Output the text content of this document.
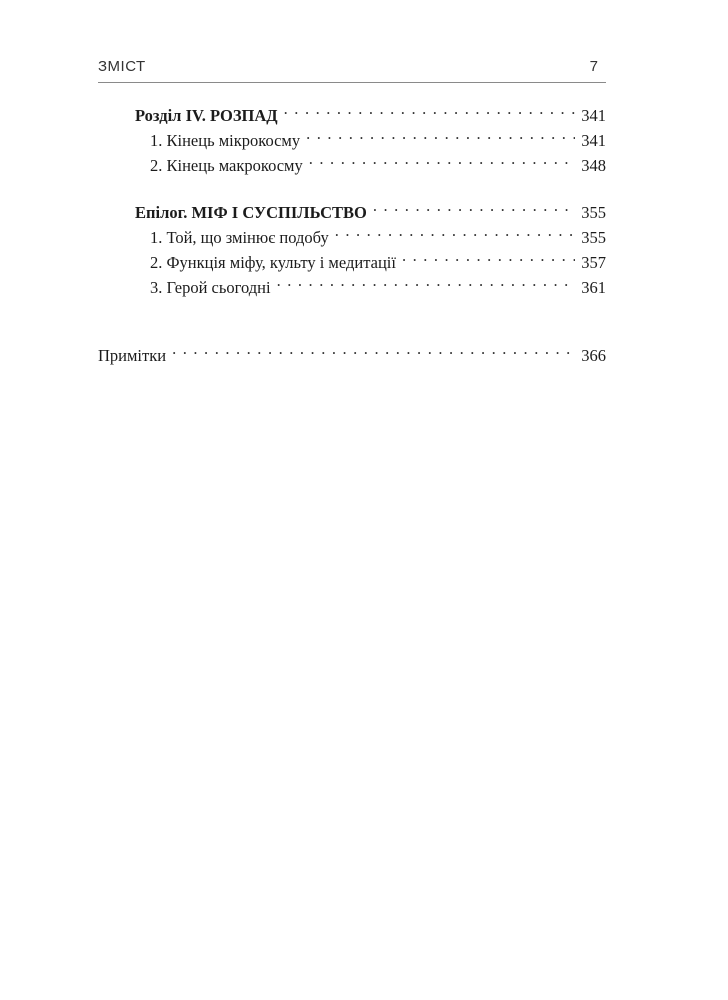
ЗМІСТ	7
Розділ IV. РОЗПАД . . .	341
1. Кінець мікрокосму . . .	341
2. Кінець макрокосму . . .	348
Епілог. МІФ І СУСПІЛЬСТВО . . .	355
1. Той, що змінює подобу . . .	355
2. Функція міфу, культу і медитації . . .	357
3. Герой сьогодні . . .	361
Примітки . . .	366
